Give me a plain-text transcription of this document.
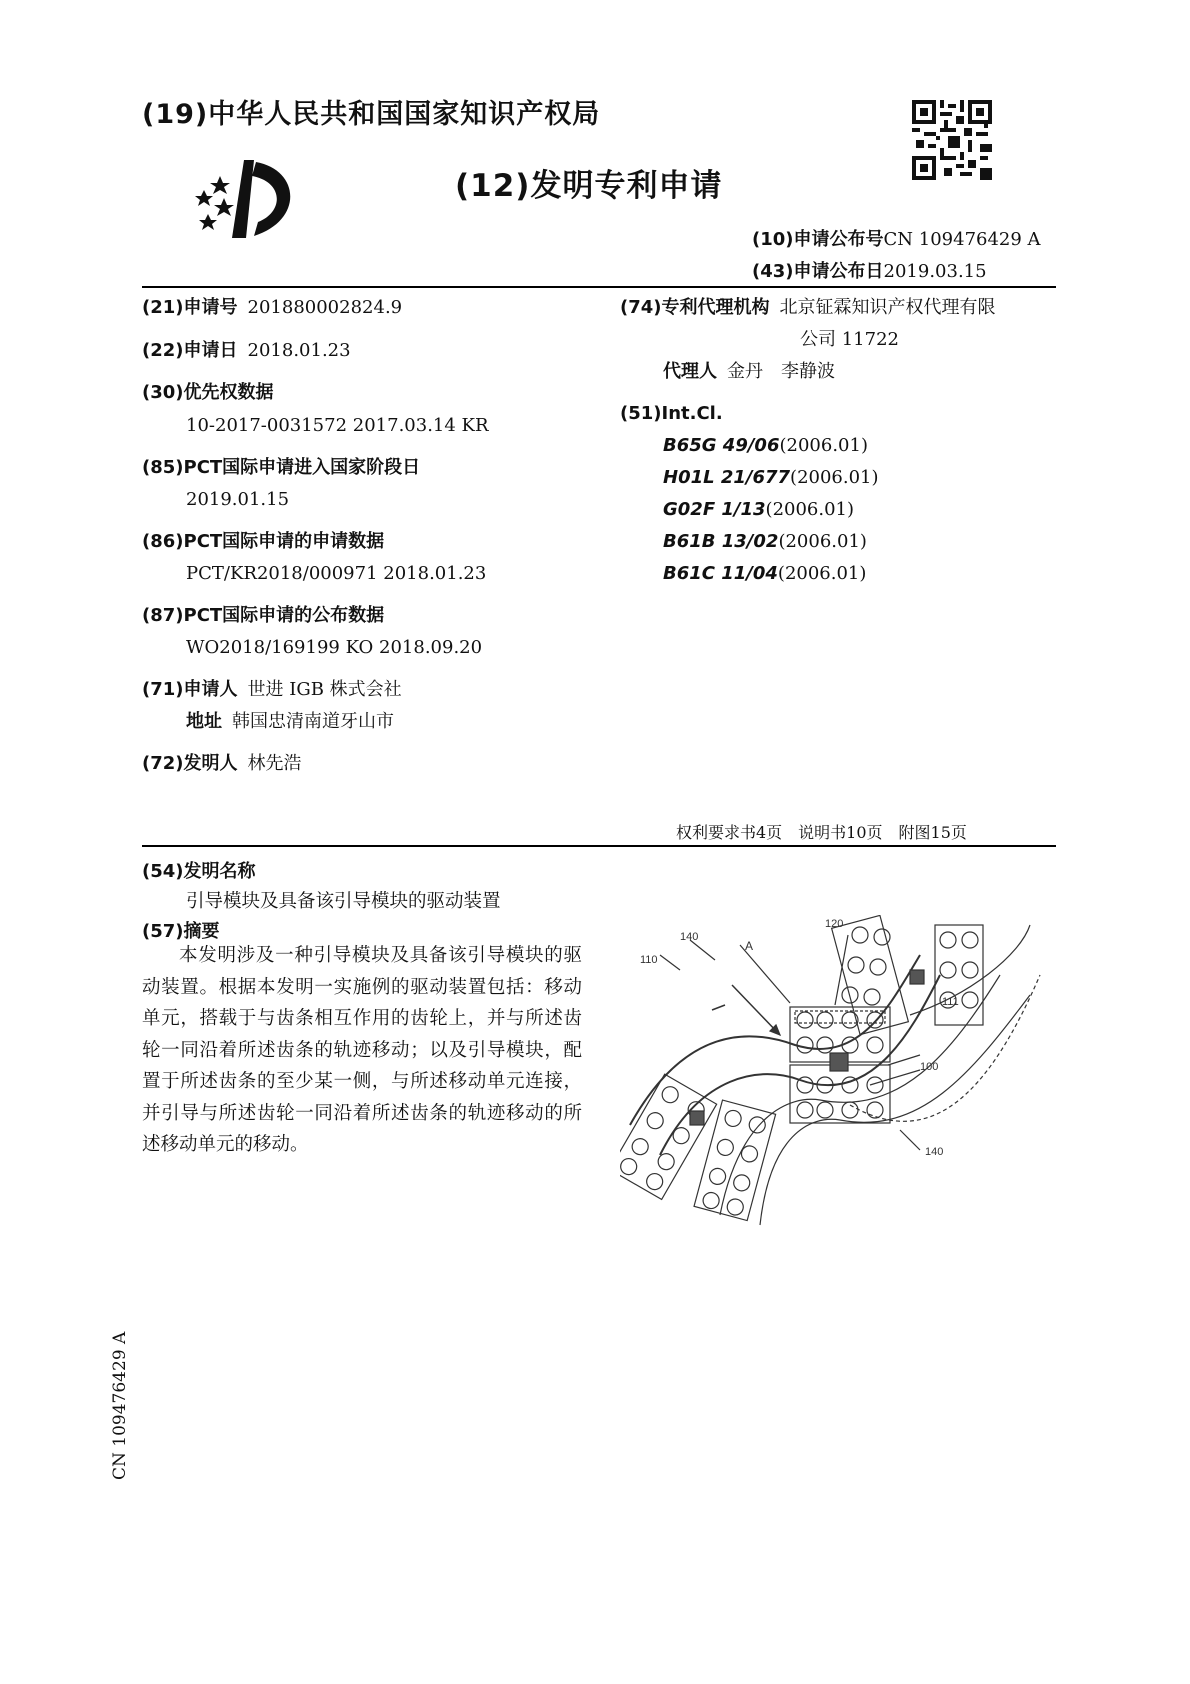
(19)中华人民共和国国家知识产权局
(12)发明专利申请
(10)申请公布号CN 109476429 A
(43)申请公布日2019.03.15
(21)申请号 201880002824.9
(22)申请日 2018.01.23
(30)优先权数据
10-2017-0031572 2017.03.14 KR
(85)PCT国际申请进入国家阶段日
2019.01.15
(86)PCT国际申请的申请数据
PCT/KR2018/000971 2018.01.23
(87)PCT国际申请的公布数据
WO2018/169199 KO 2018.09.20
(71)申请人 世进 IGB 株式会社
地址 韩国忠清南道牙山市
(72)发明人 林先浩
(74)专利代理机构 北京钲霖知识产权代理有限
公司 11722
代理人 金丹　李静波
(51)Int.Cl.
B65G 49/06(2006.01)
H01L 21/677(2006.01)
G02F 1/13(2006.01)
B61B 13/02(2006.01)
B61C 11/04(2006.01)
权利要求书4页　说明书10页　附图15页
(54)发明名称
引导模块及具备该引导模块的驱动装置
(57)摘要
本发明涉及一种引导模块及具备该引导模块的驱动装置。根据本发明一实施例的驱动装置包括：移动单元，搭载于与齿条相互作用的齿轮上，并与所述齿轮一同沿着所述齿条的轨迹移动；以及引导模块，配置于所述齿条的至少某一侧，与所述移动单元连接，并引导与所述齿轮一同沿着所述齿条的轨迹移动的所述移动单元的移动。
A
120
140
110
111
100
140
CN 109476429 A
